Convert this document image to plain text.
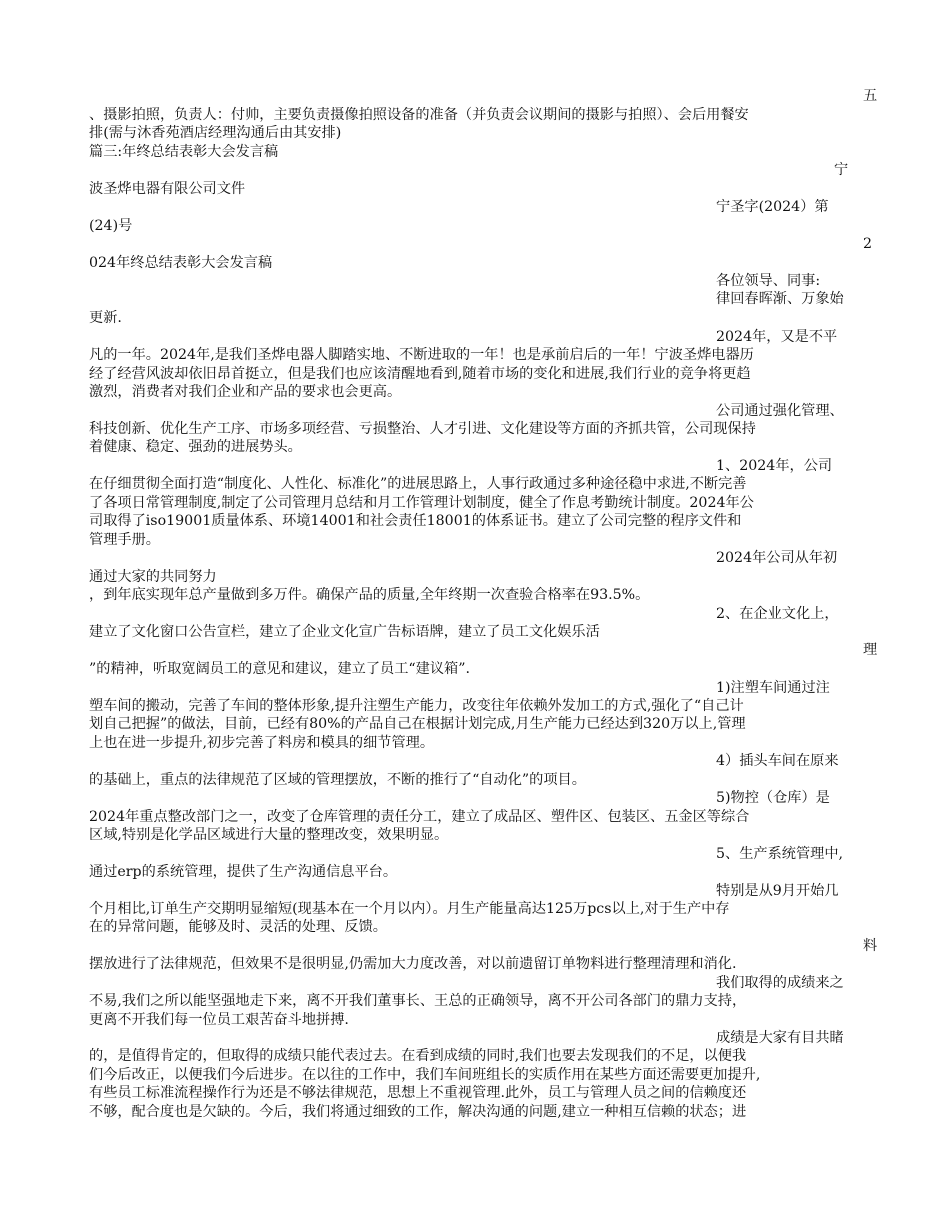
五
、摄影拍照，负责人：付帅，主要负责摄像拍照设备的准备（并负责会议期间的摄影与拍照）、会后用餐安
排(需与沐香苑酒店经理沟通后由其安排)
篇三:年终总结表彰大会发言稿
宁
波圣烨电器有限公司文件
宁圣字(2024）第
(24)号
2
024年终总结表彰大会发言稿
各位领导、同事:
律回春晖渐、万象始
更新.
2024年，又是不平
凡的一年。2024年,是我们圣烨电器人脚踏实地、不断进取的一年！也是承前启后的一年！宁波圣烨电器历
经了经营风波却依旧昂首挺立，但是我们也应该清醒地看到,随着市场的变化和进展,我们行业的竞争将更趋
激烈，消费者对我们企业和产品的要求也会更高。
公司通过强化管理、
科技创新、优化生产工序、市场多项经营、亏损整治、人才引进、文化建设等方面的齐抓共管，公司现保持
着健康、稳定、强劲的进展势头。
1、2024年，公司
在仔细贯彻全面打造“制度化、人性化、标准化”的进展思路上，人事行政通过多种途径稳中求进,不断完善
了各项日常管理制度,制定了公司管理月总结和月工作管理计划制度，健全了作息考勤统计制度。2024年公
司取得了iso19001质量体系、环境14001和社会责任18001的体系证书。建立了公司完整的程序文件和
管理手册。
2024年公司从年初
通过大家的共同努力
，到年底实现年总产量做到多万件。确保产品的质量,全年终期一次查验合格率在93.5%。
2、在企业文化上，
建立了文化窗口公告宣栏，建立了企业文化宣广告标语牌，建立了员工文化娱乐活
理
”的精神，听取宽阔员工的意见和建议，建立了员工“建议箱”.
1)注塑车间通过注
塑车间的搬动，完善了车间的整体形象,提升注塑生产能力，改变往年依赖外发加工的方式,强化了“自己计
划自己把握”的做法，目前，已经有80%的产品自己在根据计划完成,月生产能力已经达到320万以上,管理
上也在进一步提升,初步完善了料房和模具的细节管理。
4）插头车间在原来
的基础上，重点的法律规范了区域的管理摆放，不断的推行了“自动化”的项目。
5)物控（仓库）是
2024年重点整改部门之一，改变了仓库管理的责任分工，建立了成品区、塑件区、包装区、五金区等综合
区域,特别是化学品区域进行大量的整理改变，效果明显。
5、生产系统管理中,
通过erp的系统管理，提供了生产沟通信息平台。
特别是从9月开始几
个月相比,订单生产交期明显缩短(现基本在一个月以内）。月生产能量高达125万pcs以上,对于生产中存
在的异常问题，能够及时、灵活的处理、反馈。
料
摆放进行了法律规范，但效果不是很明显,仍需加大力度改善，对以前遗留订单物料进行整理清理和消化.
我们取得的成绩来之
不易,我们之所以能坚强地走下来，离不开我们董事长、王总的正确领导，离不开公司各部门的鼎力支持，
更离不开我们每一位员工艰苦奋斗地拼搏.
成绩是大家有目共睹
的，是值得肯定的，但取得的成绩只能代表过去。在看到成绩的同时,我们也要去发现我们的不足，以便我
们今后改正，以便我们今后进步。在以往的工作中，我们车间班组长的实质作用在某些方面还需要更加提升,
有些员工标准流程操作行为还是不够法律规范，思想上不重视管理.此外，员工与管理人员之间的信赖度还
不够，配合度也是欠缺的。今后，我们将通过细致的工作，解决沟通的问题,建立一种相互信赖的状态；进
